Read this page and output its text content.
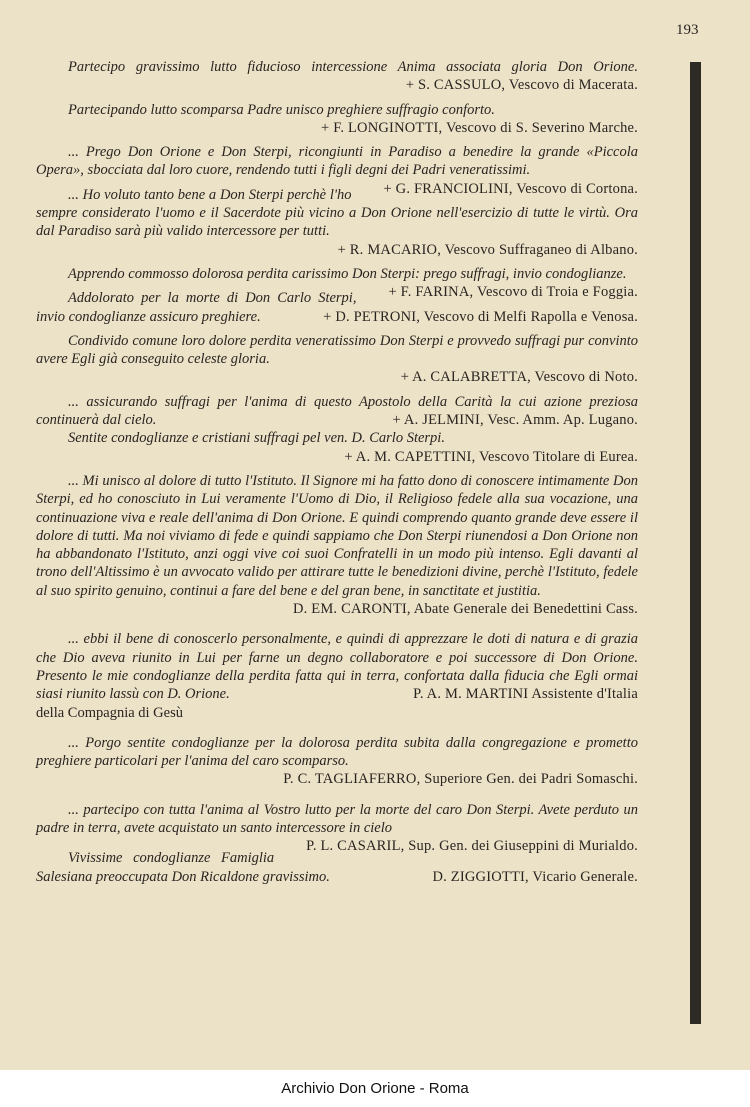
193

Partecipo gravissimo lutto fiducioso intercessione Anima associata gloria Don Orione.
+ S. CASSULO, Vescovo di Macerata.

Partecipando lutto scomparsa Padre unisco preghiere suffragio conforto.

+ F. LONGINOTTI, Vescovo di S. Severino Marche.

... Prego Don Orione e Don Sterpi, ricongiunti in Paradiso a benedire la grande «Piccola Opera», sbocciata dal loro cuore, rendendo tutti i figli degni dei Padri veneratissimi.
+ G. FRANCIOLINI, Vescovo di Cortona.

... Ho voluto tanto bene a Don Sterpi perchè l'ho sempre considerato l'uomo e il Sacerdote più vicino a Don Orione nell'esercizio di tutte le virtù. Ora dal Paradiso sarà più valido intercessore per tutti.

+ R. MACARIO, Vescovo Suffraganeo di Albano.

Apprendo commosso dolorosa perdita carissimo Don Sterpi: prego suffragi, invio condoglianze.
+ F. FARINA, Vescovo di Troia e Foggia.

Addolorato per la morte di Don Carlo Sterpi, invio condoglianze assicuro preghiere.	+ D. PETRONI, Vescovo di Melfi Rapolla e Venosa.

Condivido comune loro dolore perdita veneratissimo Don Sterpi e provvedo suffragi pur convinto avere Egli già conseguito celeste gloria.

+ A. CALABRETTA, Vescovo di Noto.

... assicurando suffragi per l'anima di questo Apostolo della Carità la cui azione preziosa continuerà dal cielo.	+ A. JELMINI, Vesc. Amm. Ap. Lugano.

Sentite condoglianze e cristiani suffragi pel ven. D. Carlo Sterpi.

+ A. M. CAPETTINI, Vescovo Titolare di Eurea.

... Mi unisco al dolore di tutto l'Istituto. Il Signore mi ha fatto dono di conoscere intimamente Don Sterpi, ed ho conosciuto in Lui veramente l'Uomo di Dio, il Religioso fedele alla sua vocazione, una continuazione viva e reale dell'anima di Don Orione. E quindi comprendo quanto grande deve essere il dolore di tutti. Ma noi viviamo di fede e quindi sappiamo che Don Sterpi riunendosi a Don Orione non ha abbandonato l'Istituto, anzi oggi vive coi suoi Confratelli in un modo più intenso. Egli davanti al trono dell'Altissimo è un avvocato valido per attirare tutte le benedizioni divine, perchè l'Istituto, fedele al suo spirito genuino, continui a fare del bene e del gran bene, in sanctitate et justitia.

D. EM. CARONTI, Abate Generale dei Benedettini Cass.

... ebbi il bene di conoscerlo personalmente, e quindi di apprezzare le doti di natura e di grazia che Dio aveva riunito in Lui per farne un degno collaboratore e poi successore di Don Orione. Presento le mie condoglianze della perdita fatta qui in terra, confortata dalla fiducia che Egli ormai siasi riunito lassù con D. Orione.	P. A. M. MARTINI Assistente d'Italia

della Compagnia di Gesù

... Porgo sentite condoglianze per la dolorosa perdita subita dalla congregazione e prometto preghiere particolari per l'anima del caro scomparso.

P. C. TAGLIAFERRO, Superiore Gen. dei Padri Somaschi.

... partecipo con tutta l'anima al Vostro lutto per la morte del caro Don Sterpi. Avete perduto un padre in terra, avete acquistato un santo intercessore in cielo
P. L. CASARIL, Sup. Gen. dei Giuseppini di Murialdo.

Vivissime condoglianze Famiglia Salesiana preoccupata Don Ricaldone gravissimo.	D. ZIGGIOTTI, Vicario Generale.

Archivio Don Orione - Roma
